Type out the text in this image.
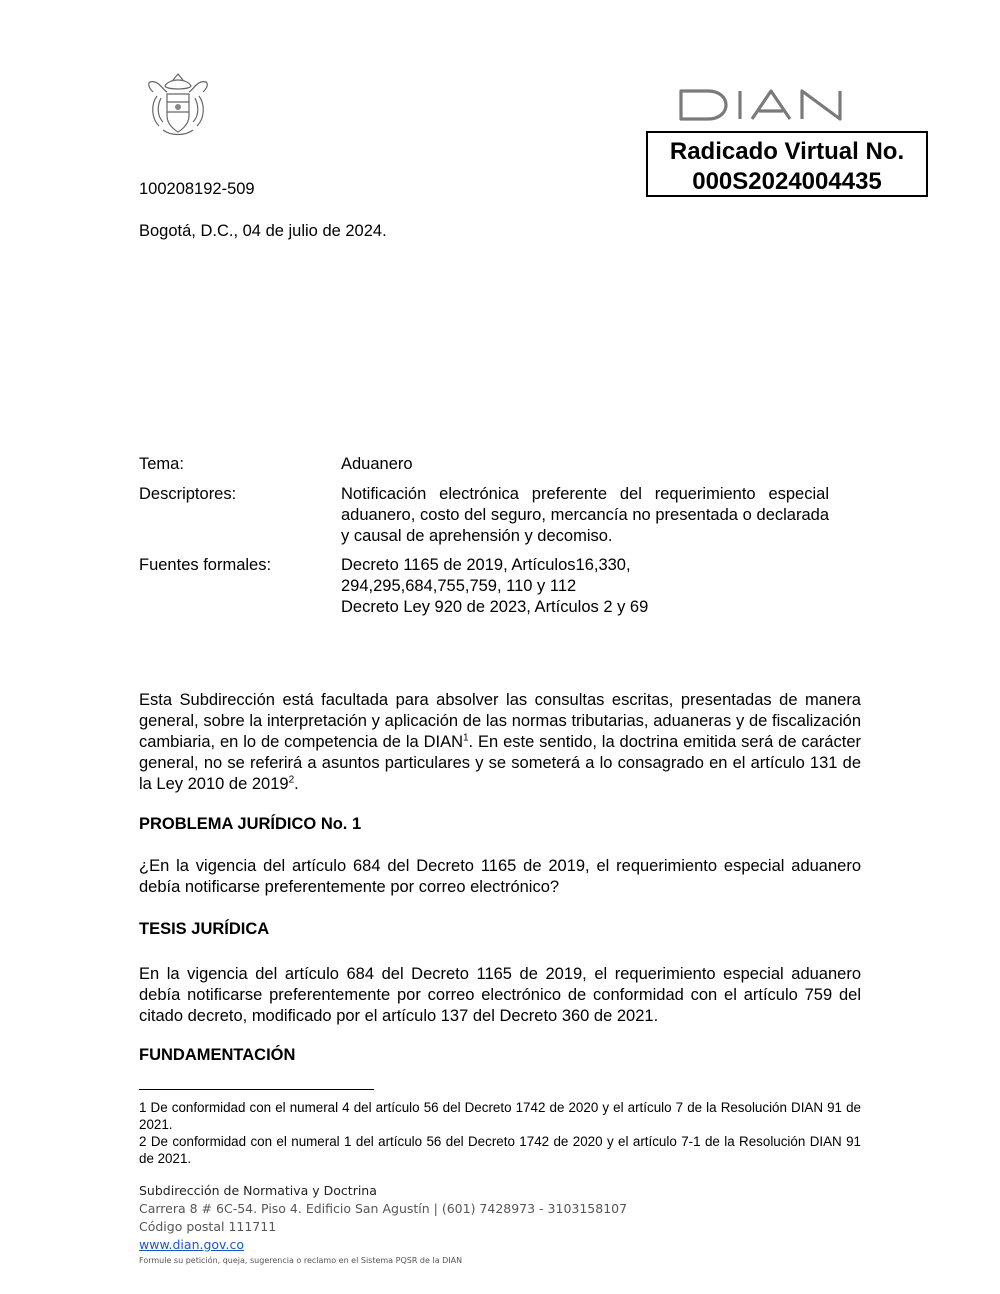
Radicado Virtual No.
000S2024004435
100208192-509
Bogotá, D.C., 04 de julio de 2024.
Tema:	Aduanero
Descriptores:	Notificación electrónica preferente del requerimiento especial aduanero, costo del seguro, mercancía no presentada o declarada y causal de aprehensión y decomiso.
Fuentes formales:	Decreto 1165 de 2019, Artículos16,330,
294,295,684,755,759, 110 y 112
Decreto Ley 920 de 2023, Artículos 2 y 69
Esta Subdirección está facultada para absolver las consultas escritas, presentadas de manera general, sobre la interpretación y aplicación de las normas tributarias, aduaneras y de fiscalización cambiaria, en lo de competencia de la DIAN$^1$. En este sentido, la doctrina emitida será de carácter general, no se referirá a asuntos particulares y se someterá a lo consagrado en el artículo 131 de la Ley 2010 de 2019$^2$.
PROBLEMA JURÍDICO No. 1
¿En la vigencia del artículo 684 del Decreto 1165 de 2019, el requerimiento especial aduanero debía notificarse preferentemente por correo electrónico?
TESIS JURÍDICA
En la vigencia del artículo 684 del Decreto 1165 de 2019, el requerimiento especial aduanero debía notificarse preferentemente por correo electrónico de conformidad con el artículo 759 del citado decreto, modificado por el artículo 137 del Decreto 360 de 2021.
FUNDAMENTACIÓN
1 De conformidad con el numeral 4 del artículo 56 del Decreto 1742 de 2020 y el artículo 7 de la Resolución DIAN 91 de 2021.
2 De conformidad con el numeral 1 del artículo 56 del Decreto 1742 de 2020 y el artículo 7-1 de la Resolución DIAN 91 de 2021.
Subdirección de Normativa y Doctrina
Carrera 8 # 6C-54. Piso 4. Edificio San Agustín | (601) 7428973 - 3103158107
Código postal 111711
www.dian.gov.co
Formule su petición, queja, sugerencia o reclamo en el Sistema PQSR de la DIAN
